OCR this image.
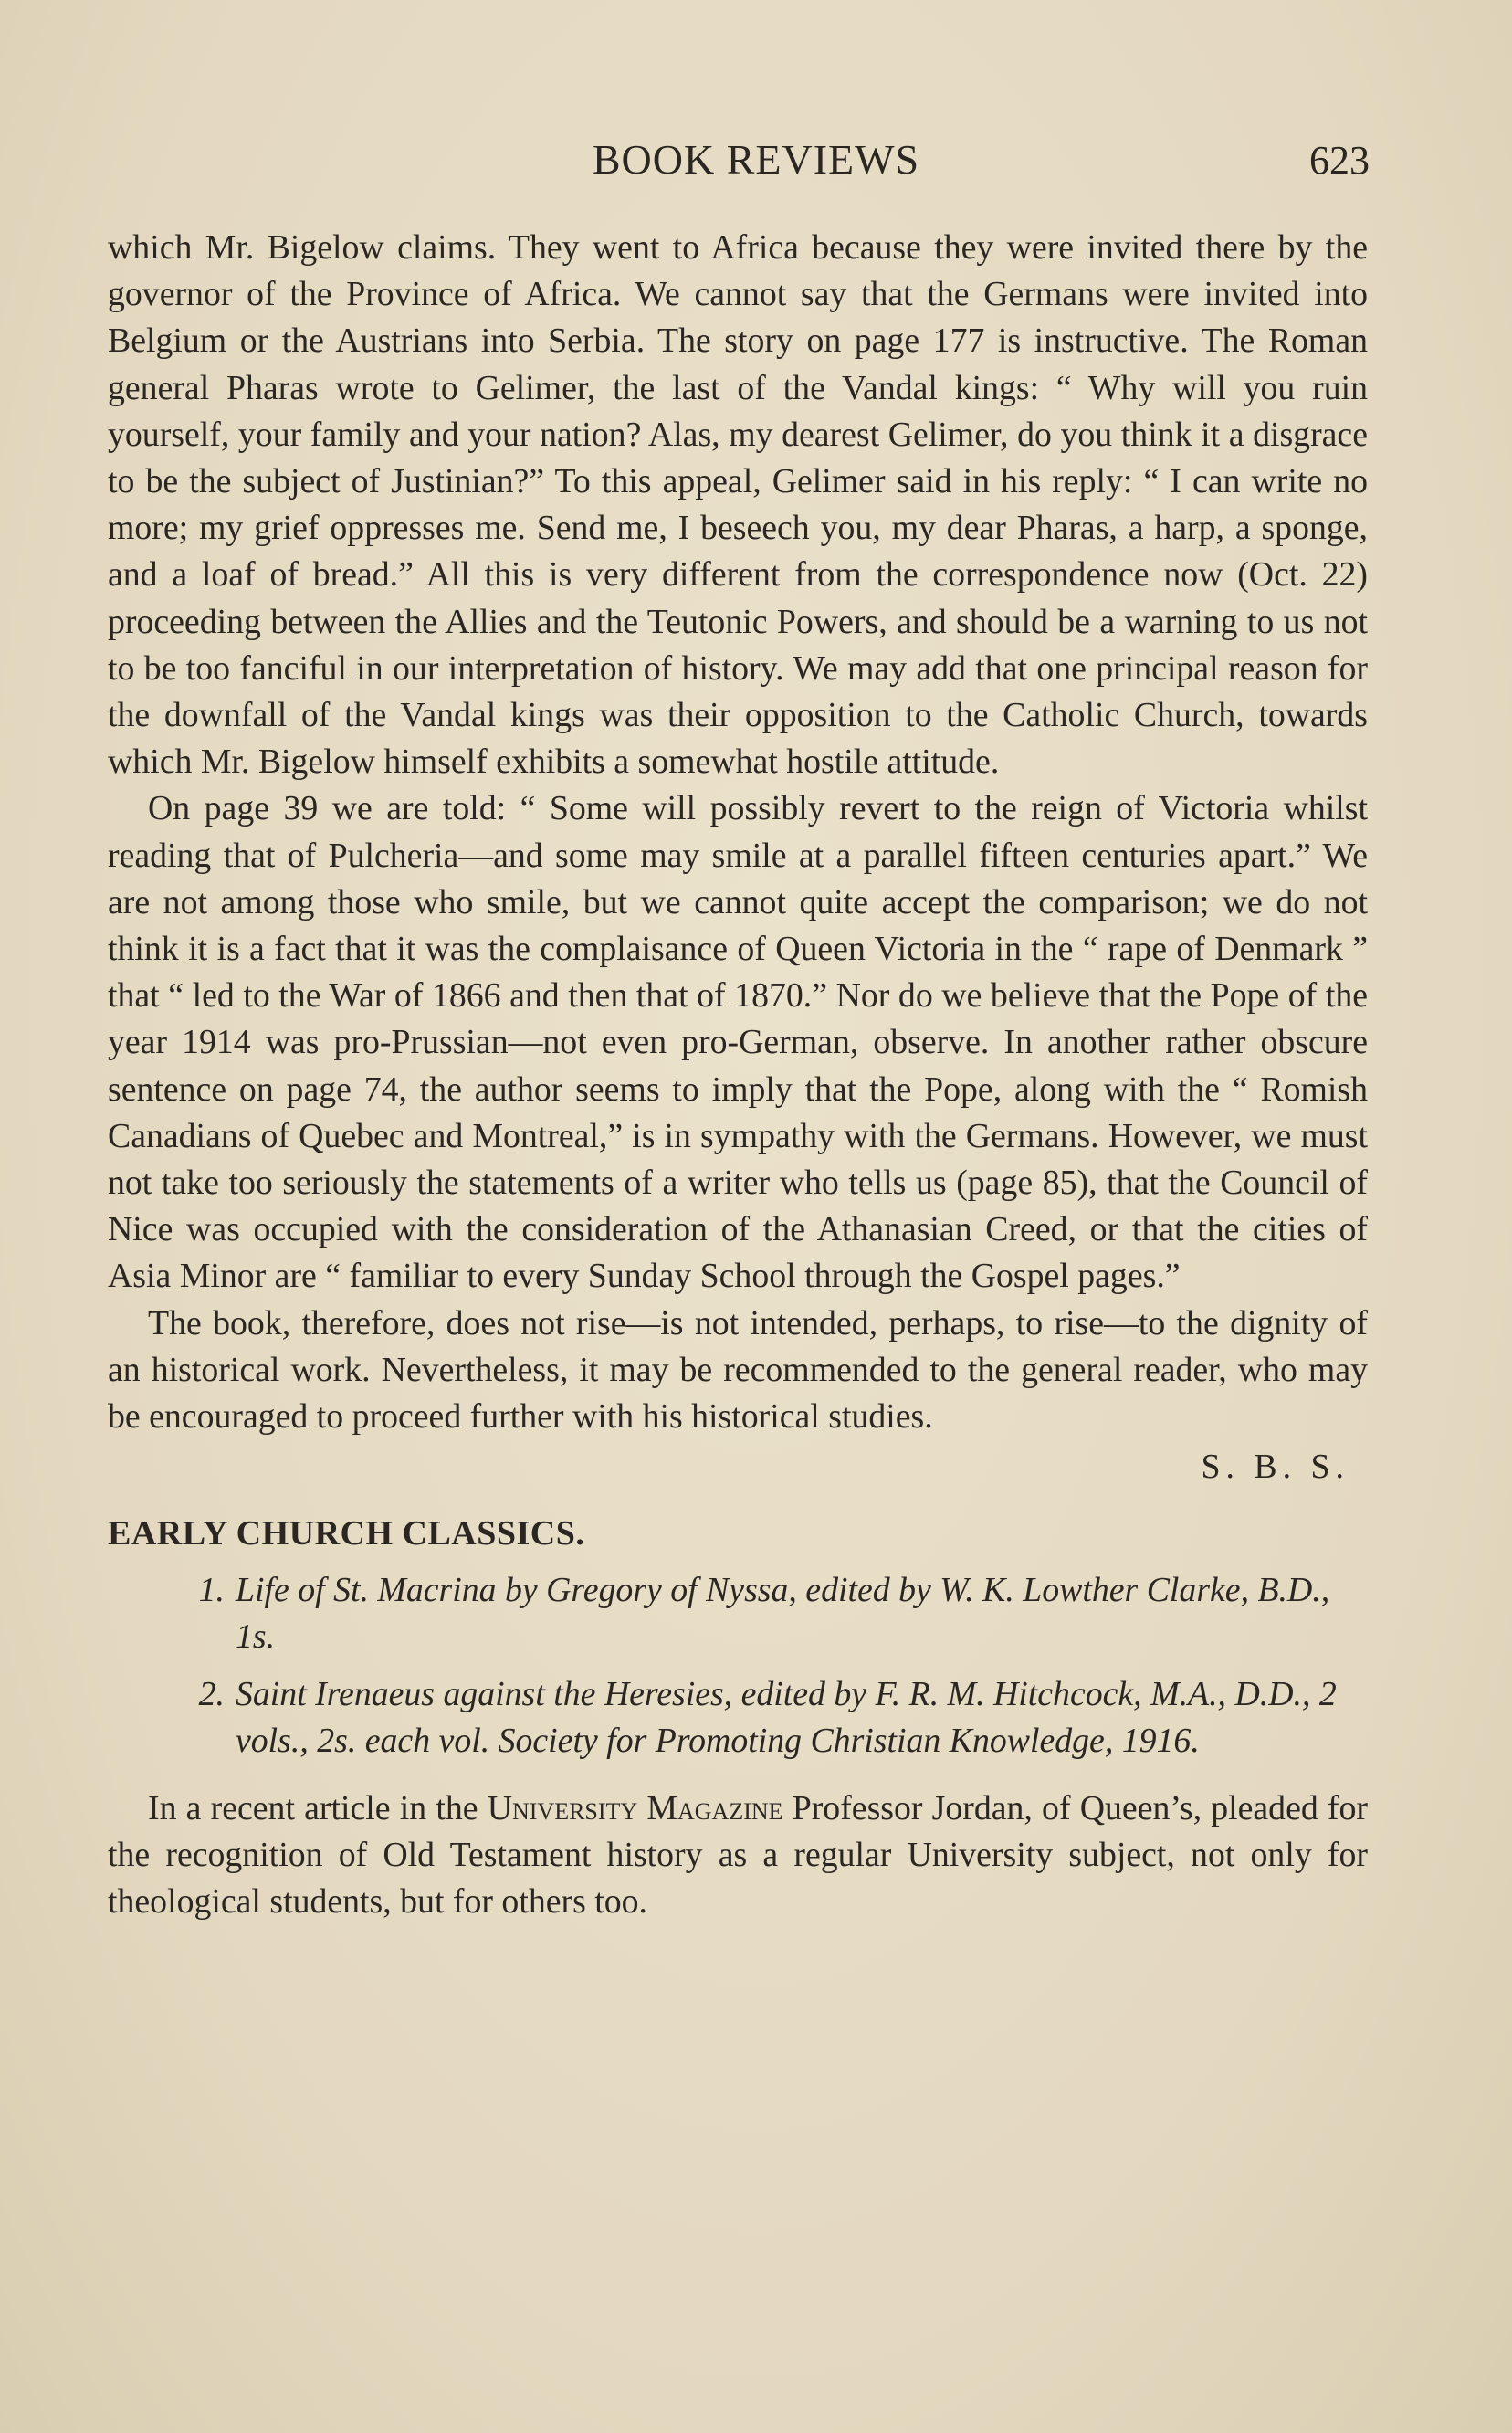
BOOK REVIEWS	623

which Mr. Bigelow claims. They went to Africa because they were invited there by the governor of the Province of Africa. We cannot say that the Germans were invited into Belgium or the Austrians into Serbia. The story on page 177 is instructive. The Roman general Pharas wrote to Gelimer, the last of the Vandal kings: “ Why will you ruin yourself, your family and your nation? Alas, my dearest Gelimer, do you think it a disgrace to be the subject of Justinian?” To this appeal, Gelimer said in his reply: “ I can write no more; my grief oppresses me. Send me, I beseech you, my dear Pharas, a harp, a sponge, and a loaf of bread.” All this is very different from the correspondence now (Oct. 22) proceeding between the Allies and the Teutonic Powers, and should be a warning to us not to be too fanciful in our interpretation of history. We may add that one principal reason for the downfall of the Vandal kings was their opposition to the Catholic Church, towards which Mr. Bigelow himself exhibits a somewhat hostile attitude.

On page 39 we are told: “ Some will possibly revert to the reign of Victoria whilst reading that of Pulcheria—and some may smile at a parallel fifteen centuries apart.” We are not among those who smile, but we cannot quite accept the comparison; we do not think it is a fact that it was the complaisance of Queen Victoria in the “ rape of Denmark ” that “ led to the War of 1866 and then that of 1870.” Nor do we believe that the Pope of the year 1914 was pro-Prussian—not even pro-German, observe. In another rather obscure sentence on page 74, the author seems to imply that the Pope, along with the “ Romish Canadians of Quebec and Montreal,” is in sympathy with the Germans. However, we must not take too seriously the statements of a writer who tells us (page 85), that the Council of Nice was occupied with the consideration of the Athanasian Creed, or that the cities of Asia Minor are “ familiar to every Sunday School through the Gospel pages.”

The book, therefore, does not rise—is not intended, perhaps, to rise—to the dignity of an historical work. Nevertheless, it may be recommended to the general reader, who may be encouraged to proceed further with his historical studies.

S. B. S.

EARLY CHURCH CLASSICS.

1. Life of St. Macrina by Gregory of Nyssa, edited by W. K. Lowther Clarke, B.D., 1s.
2. Saint Irenaeus against the Heresies, edited by F. R. M. Hitchcock, M.A., D.D., 2 vols., 2s. each vol. Society for Promoting Christian Knowledge, 1916.

In a recent article in the University Magazine Professor Jordan, of Queen’s, pleaded for the recognition of Old Testament history as a regular University subject, not only for theological students, but for others too.
